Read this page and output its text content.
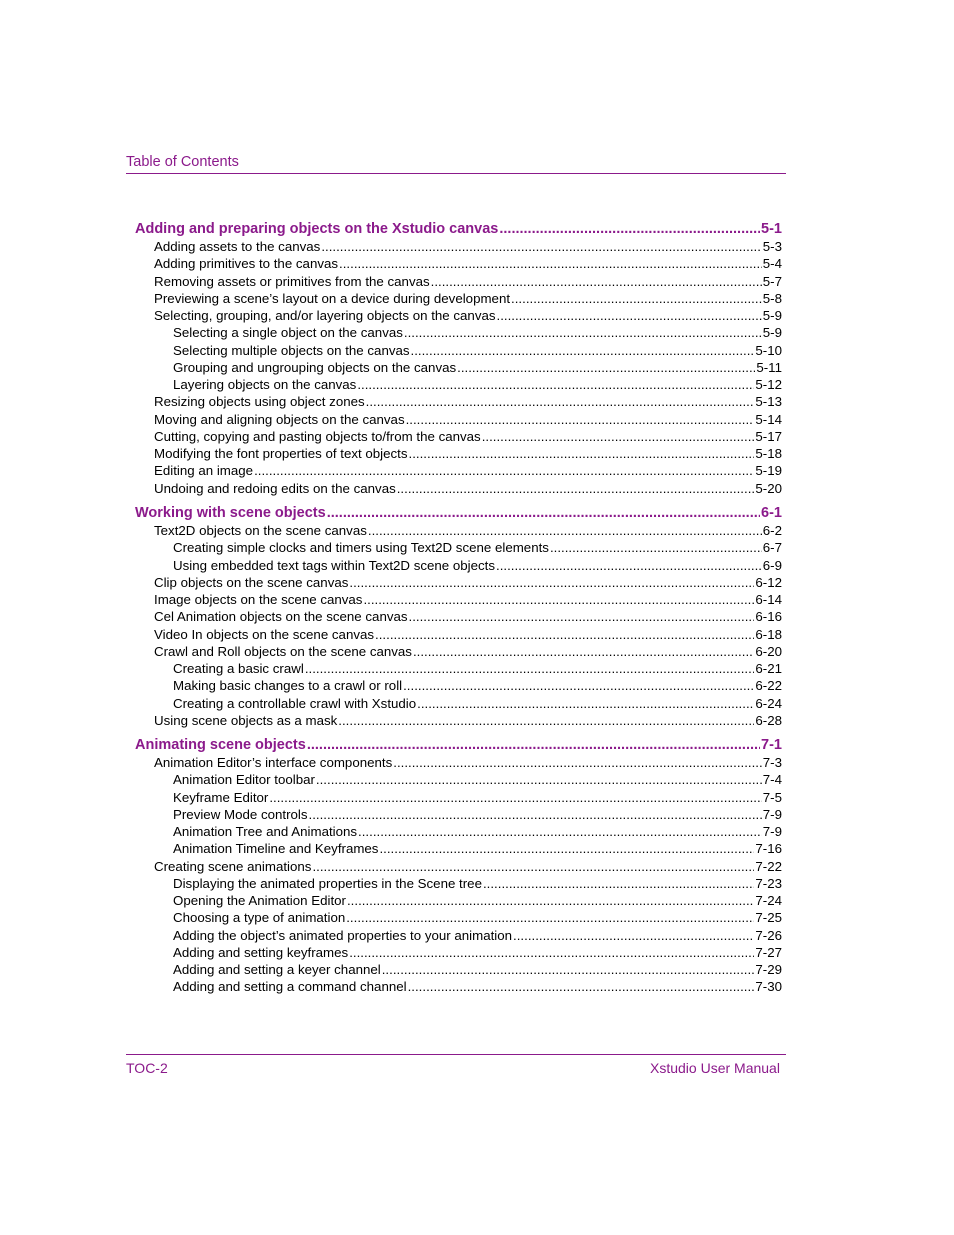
Table of Contents
Adding and preparing objects on the Xstudio canvas .....	5-1
Adding assets to the canvas .....	5-3
Adding primitives to the canvas .....	5-4
Removing assets or primitives from the canvas .....	5-7
Previewing a scene’s layout on a device during development .....	5-8
Selecting, grouping, and/or layering objects on the canvas .....	5-9
Selecting a single object on the canvas .....	5-9
Selecting multiple objects on the canvas .....	5-10
Grouping and ungrouping objects on the canvas .....	5-11
Layering objects on the canvas .....	5-12
Resizing objects using object zones .....	5-13
Moving and aligning objects on the canvas .....	5-14
Cutting, copying and pasting objects to/from the canvas .....	5-17
Modifying the font properties of text objects .....	5-18
Editing an image .....	5-19
Undoing and redoing edits on the canvas .....	5-20
Working with scene objects .....	6-1
Text2D objects on the scene canvas .....	6-2
Creating simple clocks and timers using Text2D scene elements .....	6-7
Using embedded text tags within Text2D scene objects .....	6-9
Clip objects on the scene canvas .....	6-12
Image objects on the scene canvas .....	6-14
Cel Animation objects on the scene canvas .....	6-16
Video In objects on the scene canvas .....	6-18
Crawl and Roll objects on the scene canvas .....	6-20
Creating a basic crawl .....	6-21
Making basic changes to a crawl or roll .....	6-22
Creating a controllable crawl with Xstudio .....	6-24
Using scene objects as a mask .....	6-28
Animating scene objects .....	7-1
Animation Editor’s interface components .....	7-3
Animation Editor toolbar .....	7-4
Keyframe Editor .....	7-5
Preview Mode controls .....	7-9
Animation Tree and Animations .....	7-9
Animation Timeline and Keyframes .....	7-16
Creating scene animations .....	7-22
Displaying the animated properties in the Scene tree .....	7-23
Opening the Animation Editor .....	7-24
Choosing a type of animation .....	7-25
Adding the object’s animated properties to your animation .....	7-26
Adding and setting keyframes .....	7-27
Adding and setting a keyer channel .....	7-29
Adding and setting a command channel .....	7-30
TOC-2	Xstudio User Manual
